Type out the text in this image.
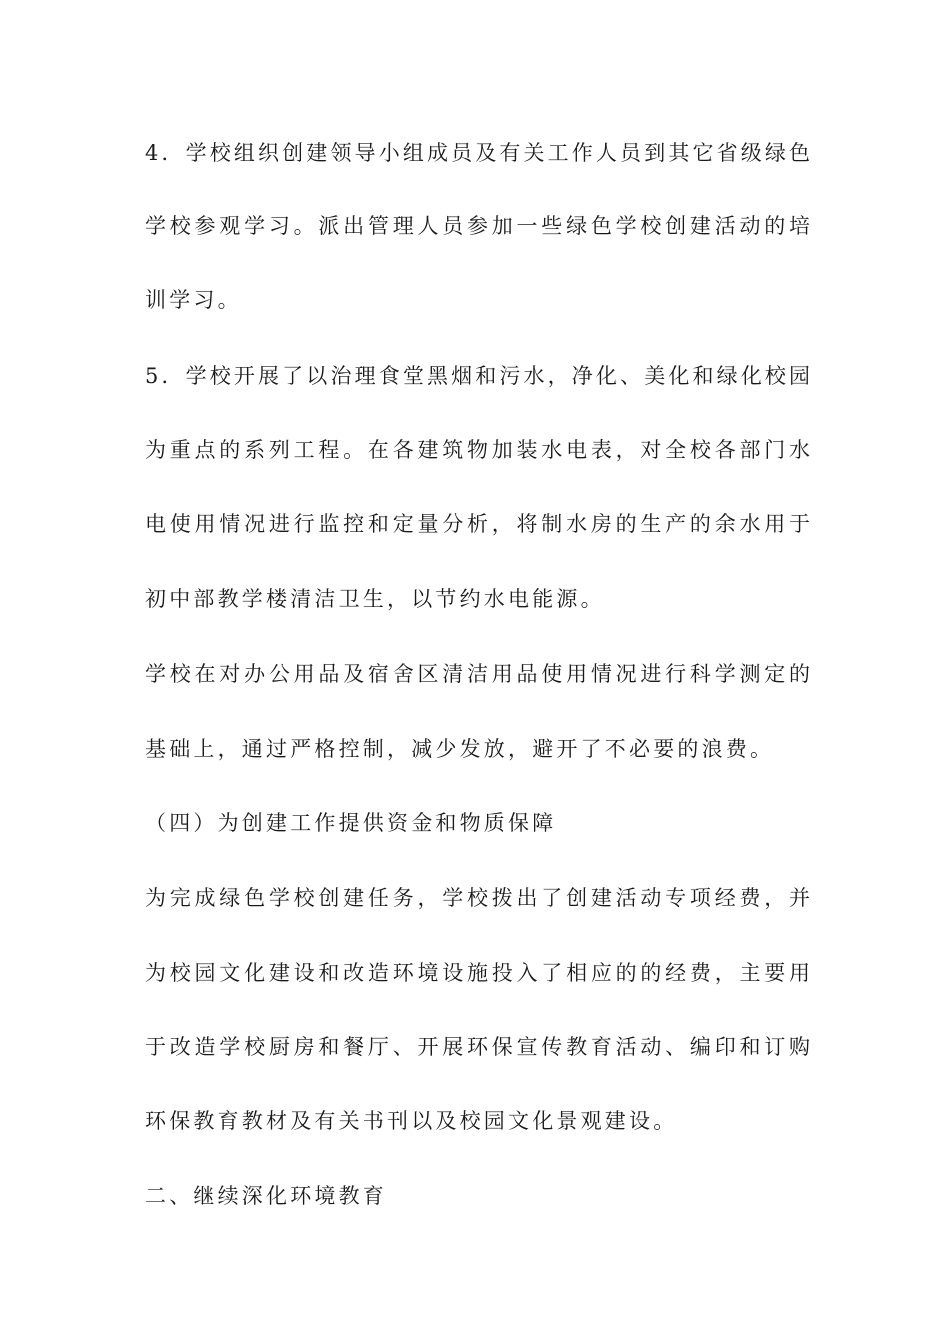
4．学校组织创建领导小组成员及有关工作人员到其它省级绿色
学校参观学习。派出管理人员参加一些绿色学校创建活动的培
训学习。
5．学校开展了以治理食堂黑烟和污水，净化、美化和绿化校园
为重点的系列工程。在各建筑物加装水电表，对全校各部门水
电使用情况进行监控和定量分析，将制水房的生产的余水用于
初中部教学楼清洁卫生，以节约水电能源。
学校在对办公用品及宿舍区清洁用品使用情况进行科学测定的
基础上，通过严格控制，减少发放，避开了不必要的浪费。
（四）为创建工作提供资金和物质保障
为完成绿色学校创建任务，学校拨出了创建活动专项经费，并
为校园文化建设和改造环境设施投入了相应的的经费，主要用
于改造学校厨房和餐厅、开展环保宣传教育活动、编印和订购
环保教育教材及有关书刊以及校园文化景观建设。
二、继续深化环境教育
